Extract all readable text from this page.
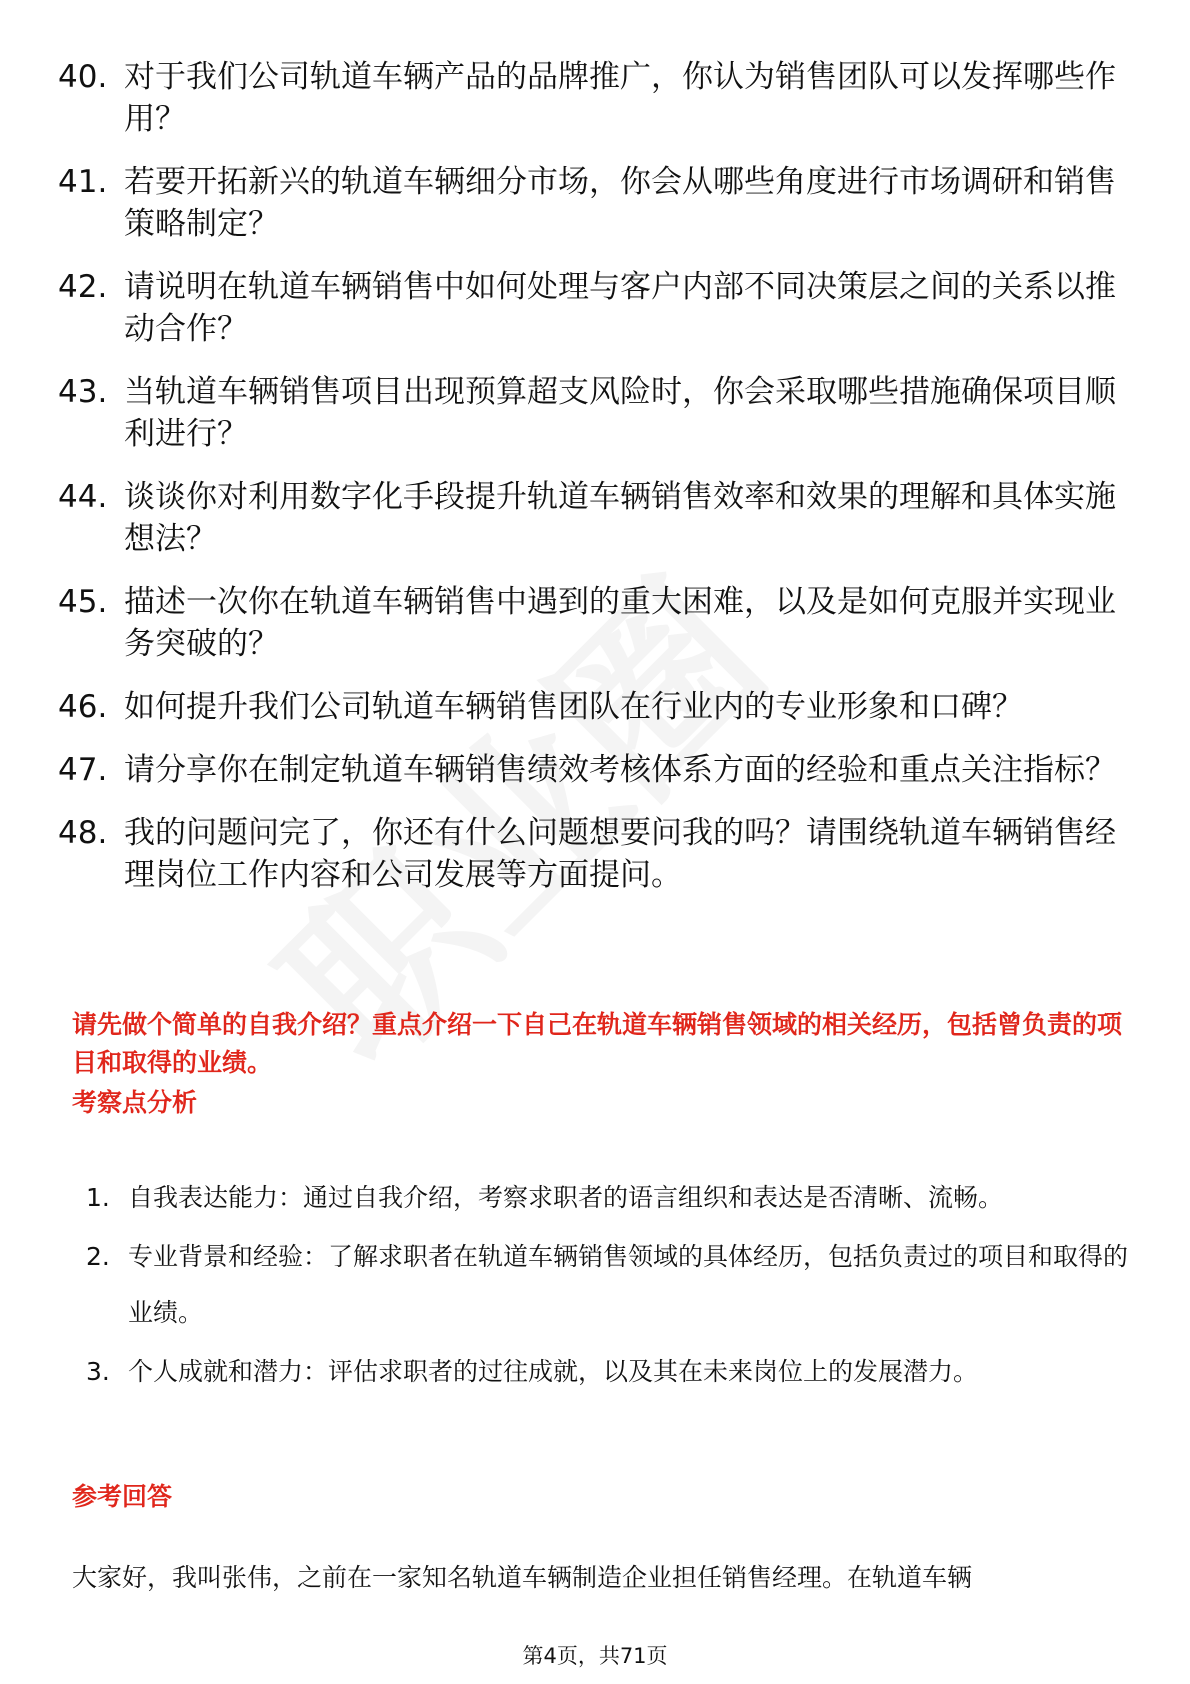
40. 对于我们公司轨道车辆产品的品牌推广，你认为销售团队可以发挥哪些作用？
41. 若要开拓新兴的轨道车辆细分市场，你会从哪些角度进行市场调研和销售策略制定？
42. 请说明在轨道车辆销售中如何处理与客户内部不同决策层之间的关系以推动合作？
43. 当轨道车辆销售项目出现预算超支风险时，你会采取哪些措施确保项目顺利进行？
44. 谈谈你对利用数字化手段提升轨道车辆销售效率和效果的理解和具体实施想法？
45. 描述一次你在轨道车辆销售中遇到的重大困难，以及是如何克服并实现业务突破的？
46. 如何提升我们公司轨道车辆销售团队在行业内的专业形象和口碑？
47. 请分享你在制定轨道车辆销售绩效考核体系方面的经验和重点关注指标？
48. 我的问题问完了，你还有什么问题想要问我的吗？请围绕轨道车辆销售经理岗位工作内容和公司发展等方面提问。
请先做个简单的自我介绍？重点介绍一下自己在轨道车辆销售领域的相关经历，包括曾负责的项目和取得的业绩。
考察点分析
1. 自我表达能力：通过自我介绍，考察求职者的语言组织和表达是否清晰、流畅。
2. 专业背景和经验：了解求职者在轨道车辆销售领域的具体经历，包括负责过的项目和取得的业绩。
3. 个人成就和潜力：评估求职者的过往成就，以及其在未来岗位上的发展潜力。
参考回答
大家好，我叫张伟，之前在一家知名轨道车辆制造企业担任销售经理。在轨道车辆
第4页，共71页
